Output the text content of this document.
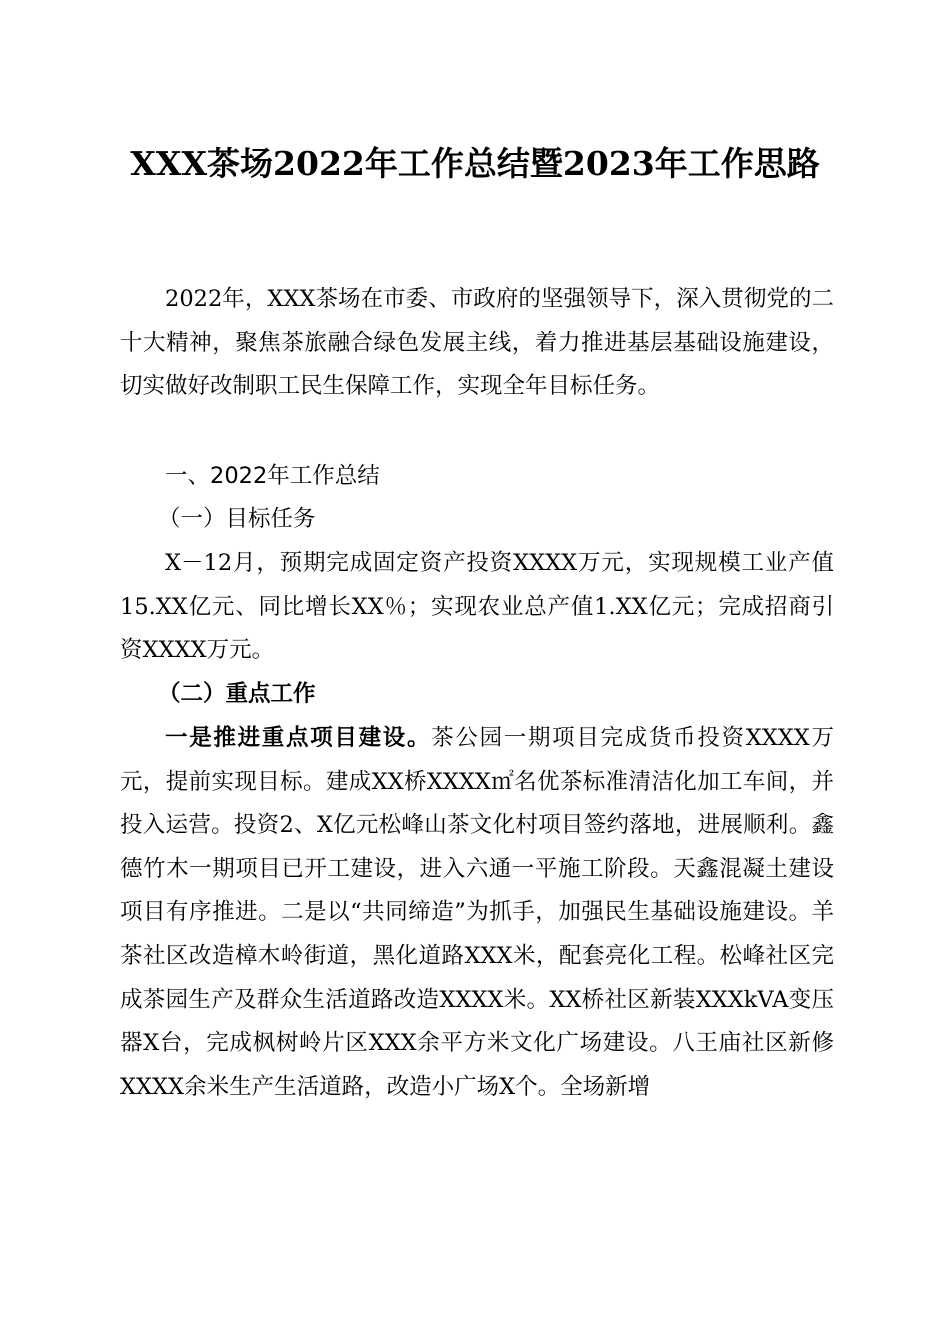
XXX茶场2022年工作总结暨2023年工作思路
2022年，XXX茶场在市委、市政府的坚强领导下，深入贯彻党的二十大精神，聚焦茶旅融合绿色发展主线，着力推进基层基础设施建设，切实做好改制职工民生保障工作，实现全年目标任务。
一、2022年工作总结
（一）目标任务
X－12月，预期完成固定资产投资XXXX万元，实现规模工业产值15.XX亿元、同比增长XX％；实现农业总产值1.XX亿元；完成招商引资XXXX万元。
（二）重点工作
一是推进重点项目建设。茶公园一期项目完成货币投资XXXX万元，提前实现目标。建成XX桥XXXX㎡名优茶标准清洁化加工车间，并投入运营。投资2、X亿元松峰山茶文化村项目签约落地，进展顺利。鑫德竹木一期项目已开工建设，进入六通一平施工阶段。天鑫混凝土建设项目有序推进。二是以“共同缔造”为抓手，加强民生基础设施建设。羊茶社区改造樟木岭街道，黑化道路XXX米，配套亮化工程。松峰社区完成茶园生产及群众生活道路改造XXXX米。XX桥社区新装XXXkVA变压器X台，完成枫树岭片区XXX余平方米文化广场建设。八王庙社区新修XXXX余米生产生活道路，改造小广场X个。全场新增
